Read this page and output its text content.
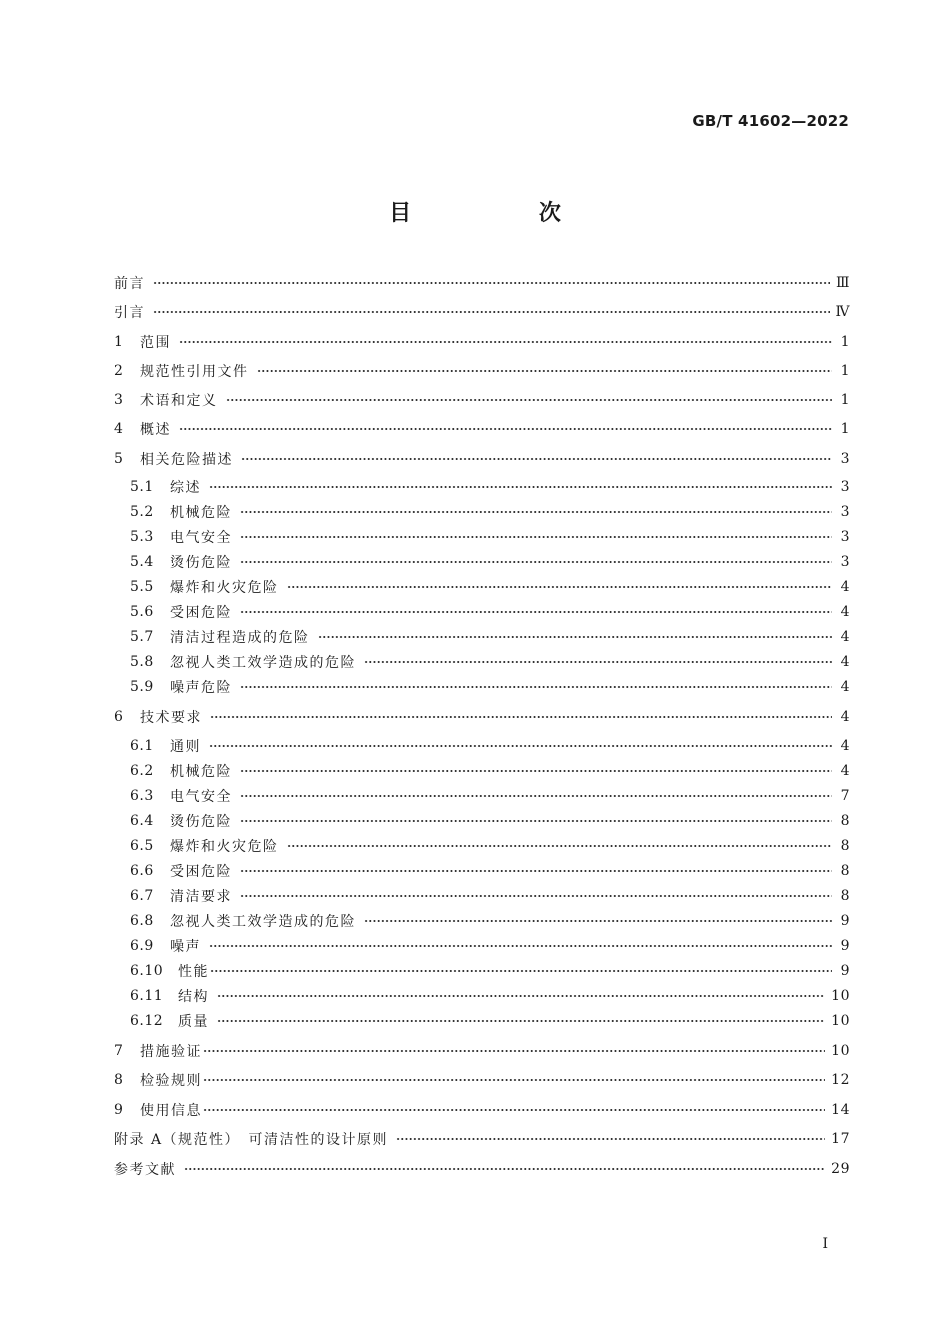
GB/T 41602—2022
目 次
前言	Ⅲ
引言	Ⅳ
1	范围	1
2	规范性引用文件	1
3	术语和定义	1
4	概述	1
5	相关危险描述	3
5.1	综述	3
5.2	机械危险	3
5.3	电气安全	3
5.4	烫伤危险	3
5.5	爆炸和火灾危险	4
5.6	受困危险	4
5.7	清洁过程造成的危险	4
5.8	忽视人类工效学造成的危险	4
5.9	噪声危险	4
6	技术要求	4
6.1	通则	4
6.2	机械危险	4
6.3	电气安全	7
6.4	烫伤危险	8
6.5	爆炸和火灾危险	8
6.6	受困危险	8
6.7	清洁要求	8
6.8	忽视人类工效学造成的危险	9
6.9	噪声	9
6.10	性能	9
6.11	结构	10
6.12	质量	10
7	措施验证	10
8	检验规则	12
9	使用信息	14
附录 A（规范性）　可清洁性的设计原则	17
参考文献	29
I
